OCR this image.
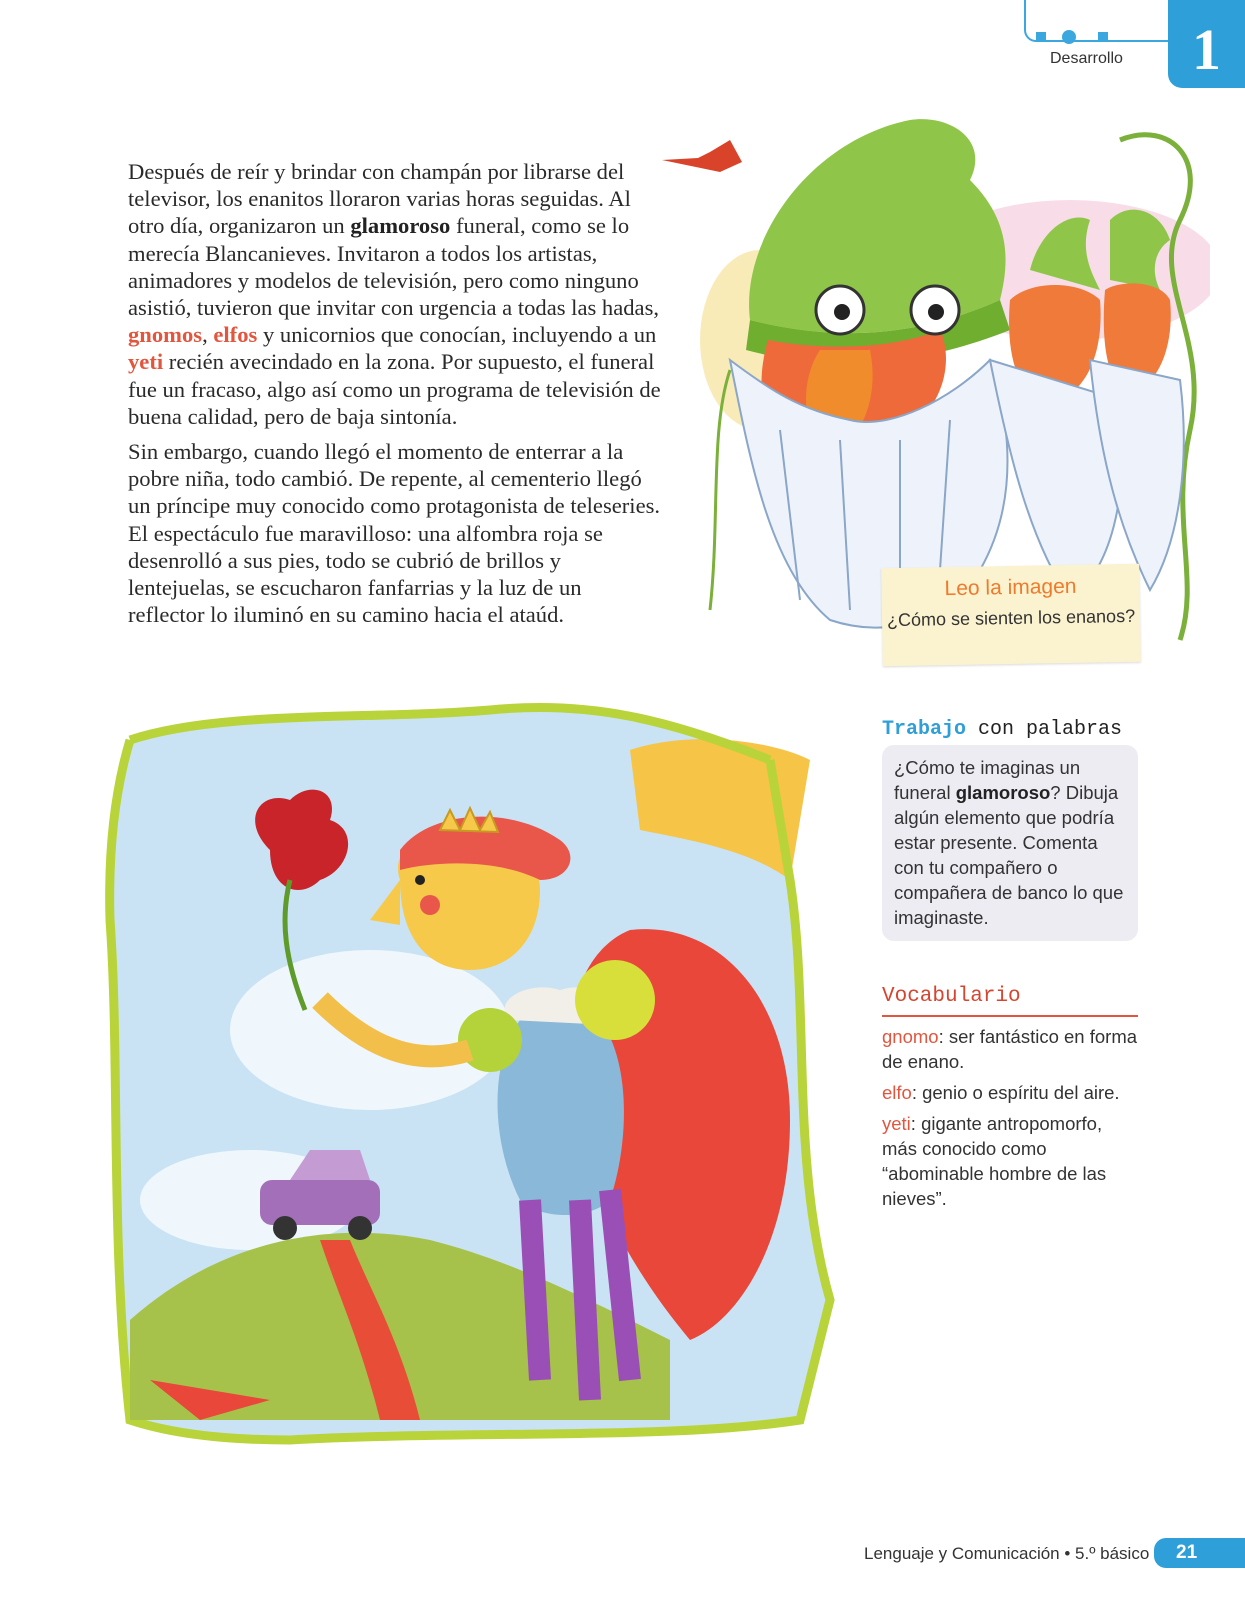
Desarrollo	1

Después de reír y brindar con champán por librarse del televisor, los enanitos lloraron varias horas seguidas. Al otro día, organizaron un glamoroso funeral, como se lo merecía Blancanieves. Invitaron a todos los artistas, animadores y modelos de televisión, pero como ninguno asistió, tuvieron que invitar con urgencia a todas las hadas, gnomos, elfos y unicornios que conocían, incluyendo a un yeti recién avecindado en la zona. Por supuesto, el funeral fue un fracaso, algo así como un programa de televisión de buena calidad, pero de baja sintonía.

Sin embargo, cuando llegó el momento de enterrar a la pobre niña, todo cambió. De repente, al cementerio llegó un príncipe muy conocido como protagonista de teleseries. El espectáculo fue maravilloso: una alfombra roja se desenrolló a sus pies, todo se cubrió de brillos y lentejuelas, se escucharon fanfarrias y la luz de un reflector lo iluminó en su camino hacia el ataúd.

Leo la imagen
¿Cómo se sienten los enanos?
Trabajo con palabras
¿Cómo te imaginas un funeral glamoroso? Dibuja algún elemento que podría estar presente. Comenta con tu compañero o compañera de banco lo que imaginaste.
Vocabulario
gnomo: ser fantástico en forma de enano.
elfo: genio o espíritu del aire.
yeti: gigante antropomorfo, más conocido como “abominable hombre de las nieves”.
Lenguaje y Comunicación • 5.º básico	21
